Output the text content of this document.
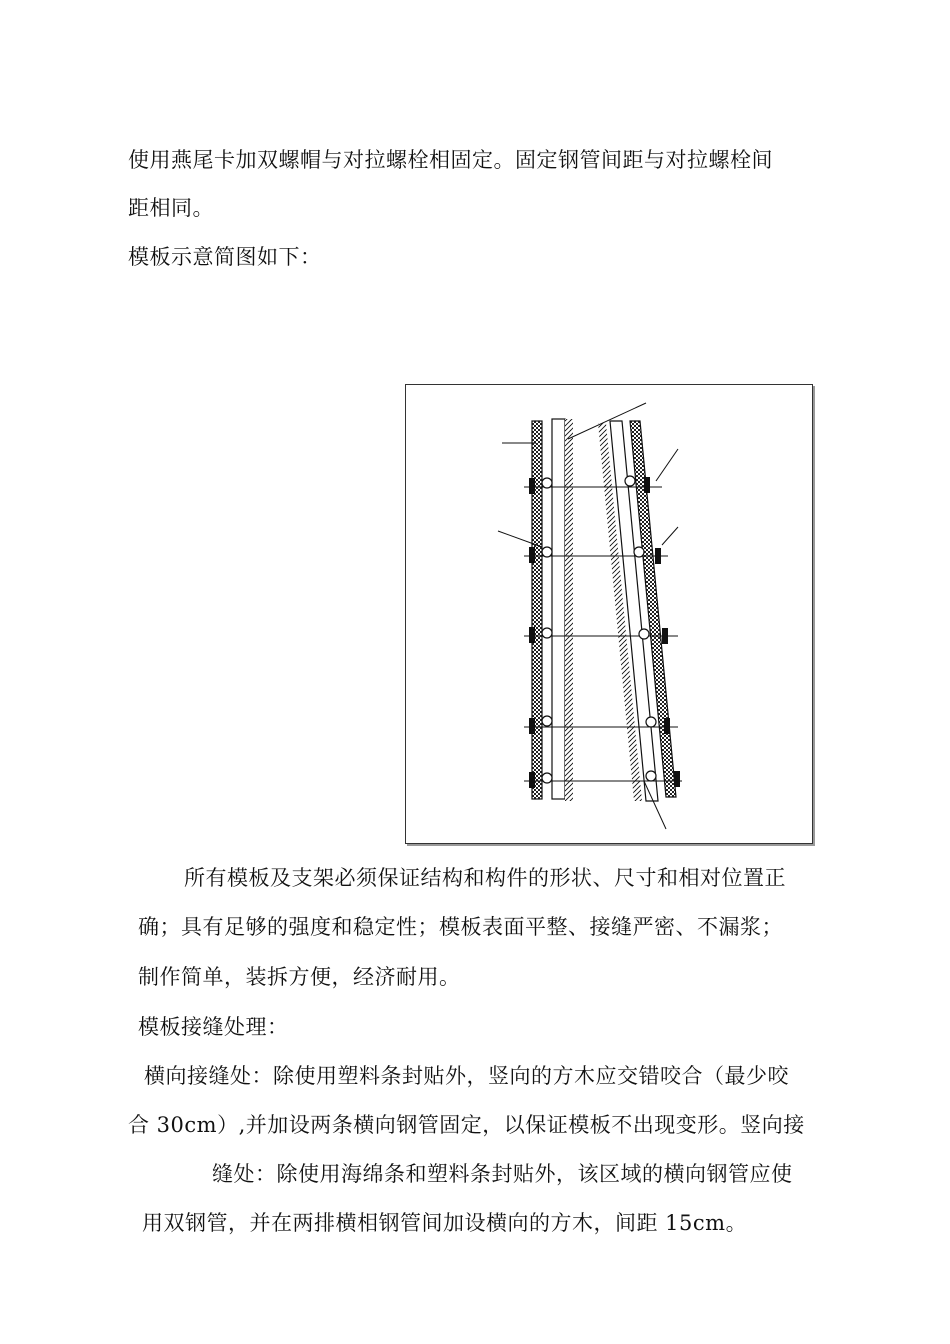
使用燕尾卡加双螺帽与对拉螺栓相固定。固定钢管间距与对拉螺栓间
距相同。
模板示意简图如下：
所有模板及支架必须保证结构和构件的形状、尺寸和相对位置正
确；具有足够的强度和稳定性；模板表面平整、接缝严密、不漏浆；
制作简单，装拆方便，经济耐用。
模板接缝处理：
横向接缝处：除使用塑料条封贴外，竖向的方木应交错咬合（最少咬
合 30cm）,并加设两条横向钢管固定，以保证模板不出现变形。竖向接
缝处：除使用海绵条和塑料条封贴外，该区域的横向钢管应使
用双钢管，并在两排横相钢管间加设横向的方木，间距 15cm。
